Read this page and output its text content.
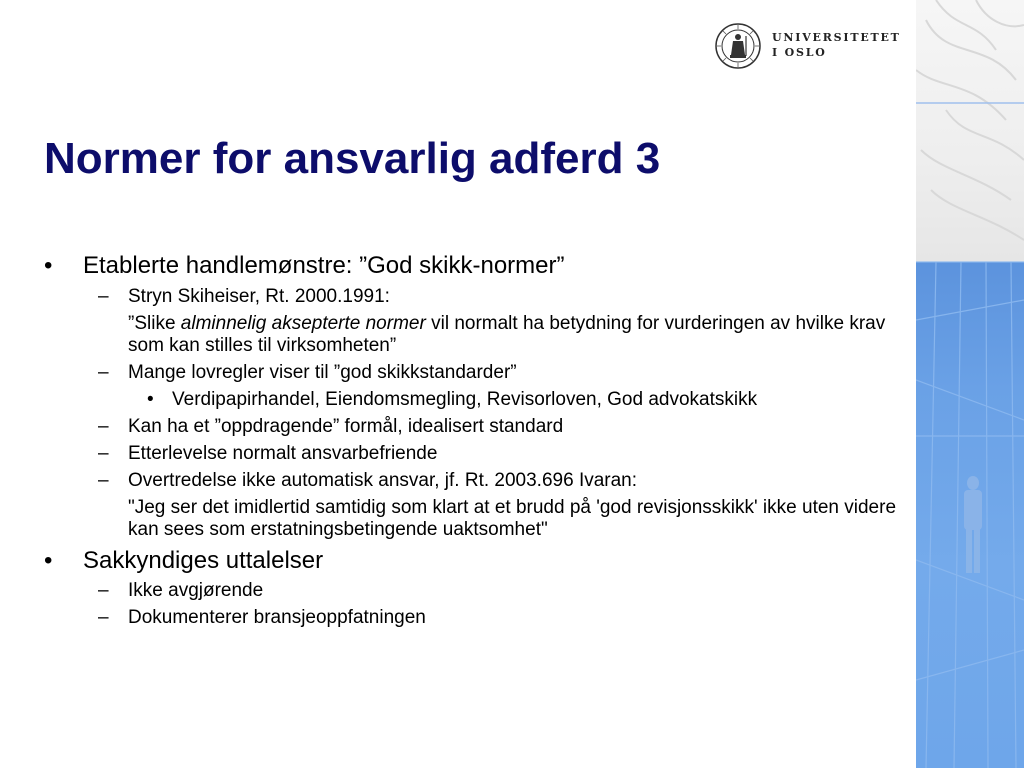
UNIVERSITETET
I OSLO
Normer for ansvarlig adferd 3
• Etablerte handlemønstre: ”God skikk-normer”
– Stryn Skiheiser, Rt. 2000.1991:
”Slike alminnelig aksepterte normer vil normalt ha betydning for vurderingen av hvilke krav som kan stilles til virksomheten”
– Mange lovregler viser til ”god skikkstandarder”
• Verdipapirhandel, Eiendomsmegling, Revisorloven, God advokatskikk
– Kan ha et ”oppdragende” formål, idealisert standard
– Etterlevelse normalt ansvarbefriende
– Overtredelse ikke automatisk ansvar, jf. Rt. 2003.696 Ivaran:
"Jeg ser det imidlertid samtidig som klart at et brudd på 'god revisjonsskikk' ikke uten videre kan sees som erstatningsbetingende uaktsomhet"
• Sakkyndiges uttalelser
– Ikke avgjørende
– Dokumenterer bransjeoppfatningen
